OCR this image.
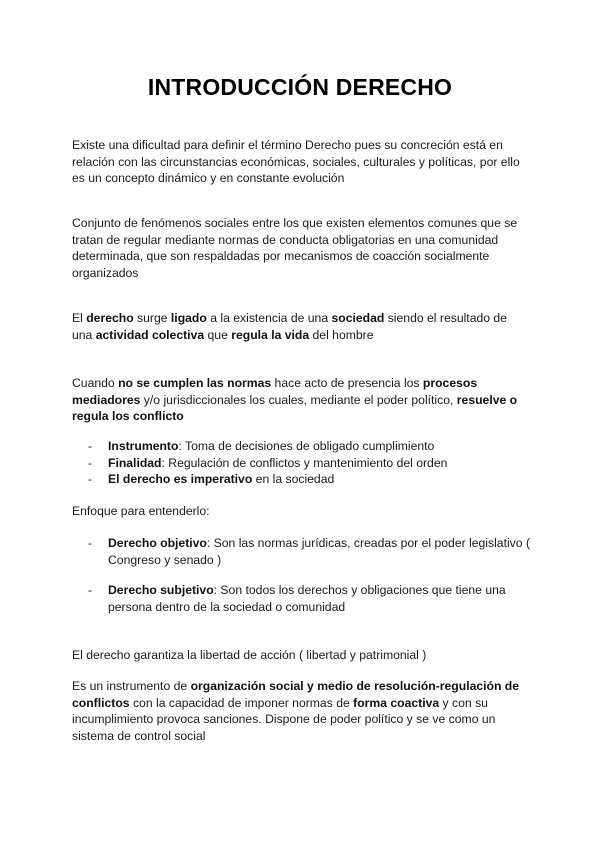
INTRODUCCIÓN DERECHO

Existe una dificultad para definir el término Derecho pues su concreción está en relación con las circunstancias económicas, sociales, culturales y políticas, por ello es un concepto dinámico y en constante evolución

Conjunto de fenómenos sociales entre los que existen elementos comunes que se tratan de regular mediante normas de conducta obligatorias en una comunidad determinada, que son respaldadas por mecanismos de coacción socialmente organizados

El derecho surge ligado a la existencia de una sociedad siendo el resultado de una actividad colectiva que regula la vida del hombre

Cuando no se cumplen las normas hace acto de presencia los procesos mediadores y/o jurisdiccionales los cuales, mediante el poder político, resuelve o regula los conflicto

- Instrumento: Toma de decisiones de obligado cumplimiento
- Finalidad: Regulación de conflictos y mantenimiento del orden
- El derecho es imperativo en la sociedad

Enfoque para entenderlo:

- Derecho objetivo: Son las normas jurídicas, creadas por el poder legislativo ( Congreso y senado )
- Derecho subjetivo: Son todos los derechos y obligaciones que tiene una persona dentro de la sociedad o comunidad

El derecho garantiza la libertad de acción ( libertad y patrimonial )

Es un instrumento de organización social y medio de resolución-regulación de conflictos con la capacidad de imponer normas de forma coactiva y con su incumplimiento provoca sanciones. Dispone de poder político y se ve como un sistema de control social
